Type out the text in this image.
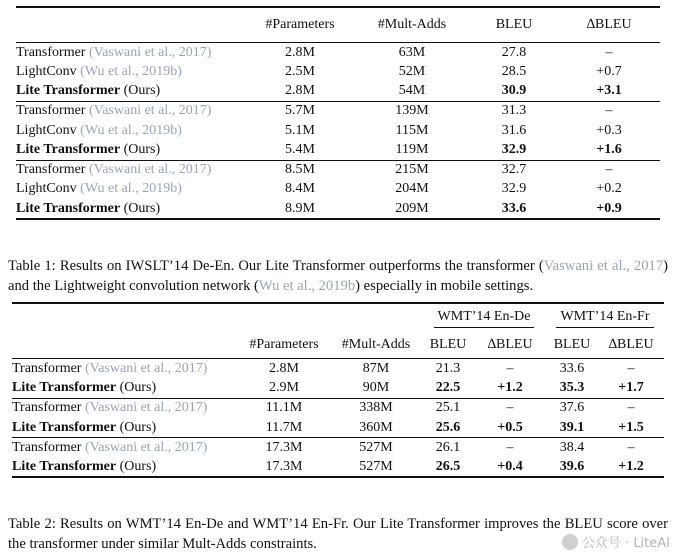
	#Parameters	#Mult-Adds	BLEU	∆BLEU
Transformer (Vaswani et al., 2017)	2.8M	63M	27.8	–
LightConv (Wu et al., 2019b)	2.5M	52M	28.5	+0.7
Lite Transformer (Ours)	2.8M	54M	30.9	+3.1
Transformer (Vaswani et al., 2017)	5.7M	139M	31.3	–
LightConv (Wu et al., 2019b)	5.1M	115M	31.6	+0.3
Lite Transformer (Ours)	5.4M	119M	32.9	+1.6
Transformer (Vaswani et al., 2017)	8.5M	215M	32.7	–
LightConv (Wu et al., 2019b)	8.4M	204M	32.9	+0.2
Lite Transformer (Ours)	8.9M	209M	33.6	+0.9
Table 1: Results on IWSLT’14 De-En. Our Lite Transformer outperforms the transformer (Vaswani et al., 2017) and the Lightweight convolution network (Wu et al., 2019b) especially in mobile settings.
			WMT’14 En-De		WMT’14 En-Fr	
	#Parameters	#Mult-Adds	BLEU	∆BLEU	BLEU	∆BLEU
Transformer (Vaswani et al., 2017)	2.8M	87M	21.3	–	33.6	–
Lite Transformer (Ours)	2.9M	90M	22.5	+1.2	35.3	+1.7
Transformer (Vaswani et al., 2017)	11.1M	338M	25.1	–	37.6	–
Lite Transformer (Ours)	11.7M	360M	25.6	+0.5	39.1	+1.5
Transformer (Vaswani et al., 2017)	17.3M	527M	26.1	–	38.4	–
Lite Transformer (Ours)	17.3M	527M	26.5	+0.4	39.6	+1.2
Table 2: Results on WMT’14 En-De and WMT’14 En-Fr. Our Lite Transformer improves the BLEU score over the transformer under similar Mult-Adds constraints.	公众号 · LiteAI
